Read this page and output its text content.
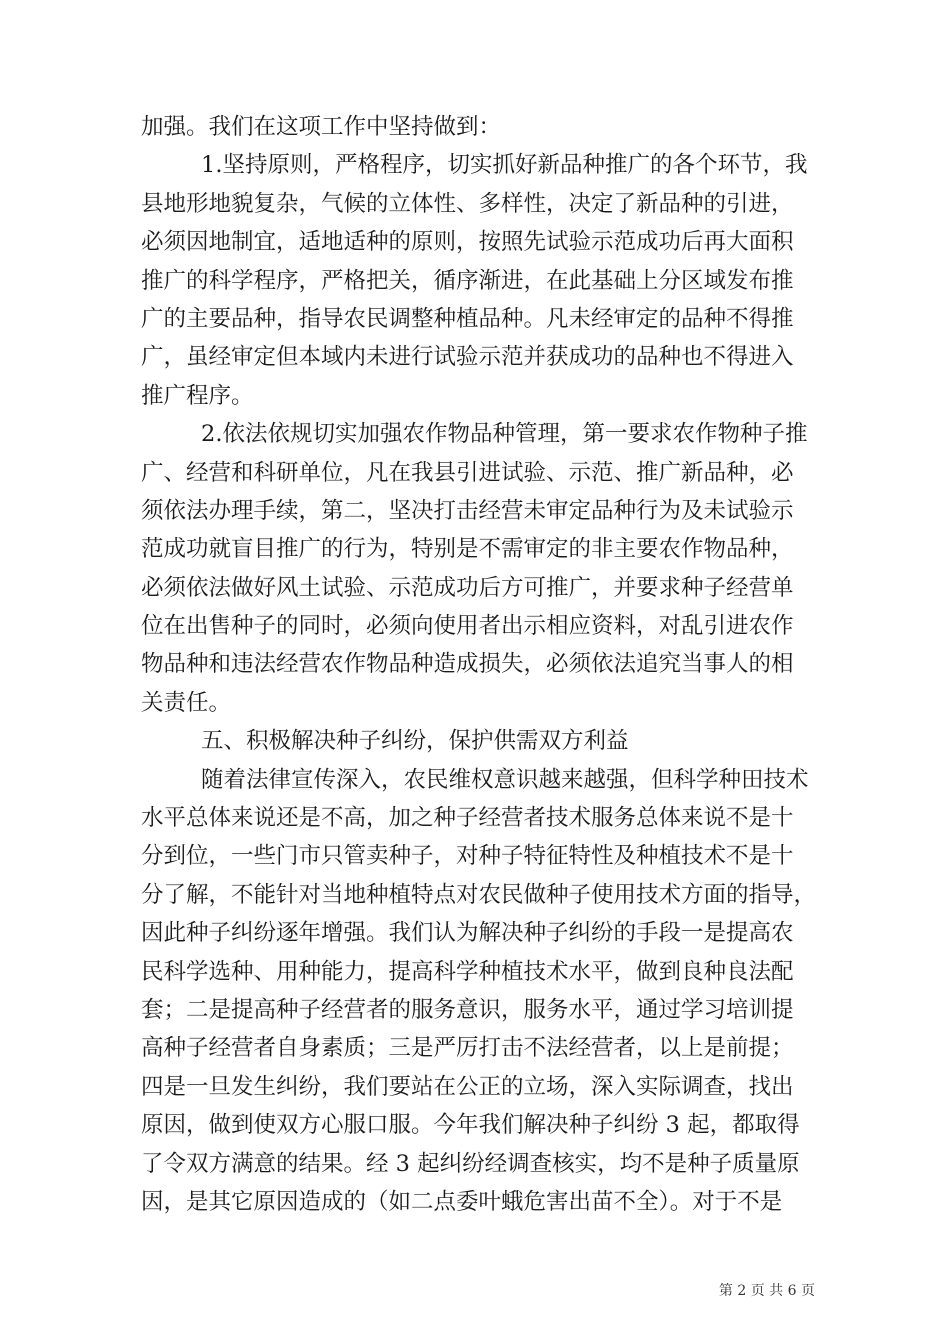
加强。我们在这项工作中坚持做到：
1.坚持原则，严格程序，切实抓好新品种推广的各个环节，我
县地形地貌复杂，气候的立体性、多样性，决定了新品种的引进，
必须因地制宜，适地适种的原则，按照先试验示范成功后再大面积
推广的科学程序，严格把关，循序渐进，在此基础上分区域发布推
广的主要品种，指导农民调整种植品种。凡未经审定的品种不得推
广，虽经审定但本域内未进行试验示范并获成功的品种也不得进入
推广程序。
2.依法依规切实加强农作物品种管理，第一要求农作物种子推
广、经营和科研单位，凡在我县引进试验、示范、推广新品种，必
须依法办理手续，第二，坚决打击经营未审定品种行为及未试验示
范成功就盲目推广的行为，特别是不需审定的非主要农作物品种，
必须依法做好风土试验、示范成功后方可推广，并要求种子经营单
位在出售种子的同时，必须向使用者出示相应资料，对乱引进农作
物品种和违法经营农作物品种造成损失，必须依法追究当事人的相
关责任。
五、积极解决种子纠纷，保护供需双方利益
随着法律宣传深入，农民维权意识越来越强，但科学种田技术
水平总体来说还是不高，加之种子经营者技术服务总体来说不是十
分到位，一些门市只管卖种子，对种子特征特性及种植技术不是十
分了解，不能针对当地种植特点对农民做种子使用技术方面的指导，
因此种子纠纷逐年增强。我们认为解决种子纠纷的手段一是提高农
民科学选种、用种能力，提高科学种植技术水平，做到良种良法配
套；二是提高种子经营者的服务意识，服务水平，通过学习培训提
高种子经营者自身素质；三是严厉打击不法经营者，以上是前提；
四是一旦发生纠纷，我们要站在公正的立场，深入实际调查，找出
原因，做到使双方心服口服。今年我们解决种子纠纷 3 起，都取得
了令双方满意的结果。经 3 起纠纷经调查核实，均不是种子质量原
因，是其它原因造成的（如二点委叶蛾危害出苗不全）。对于不是
第 2 页 共 6 页
